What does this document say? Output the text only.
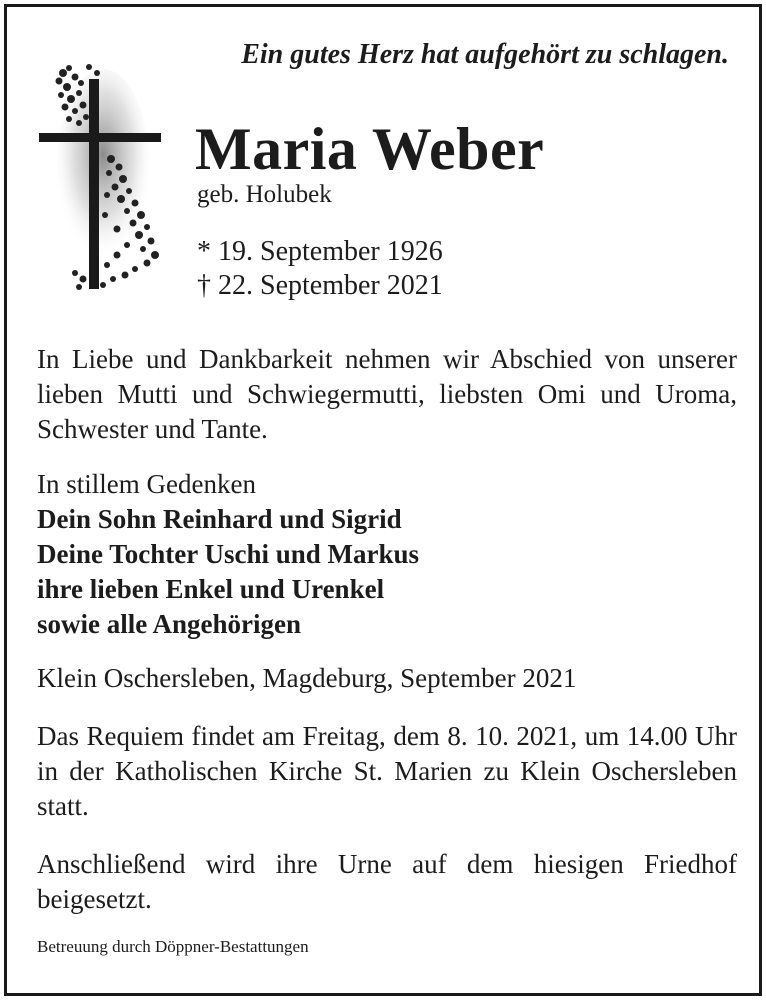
Ein gutes Herz hat aufgehört zu schlagen.
Maria Weber
geb. Holubek
* 19. September 1926
† 22. September 2021
In Liebe und Dankbarkeit nehmen wir Abschied von unserer lieben Mutti und Schwiegermutti, liebsten Omi und Uroma, Schwester und Tante.
In stillem Gedenken
Dein Sohn Reinhard und Sigrid
Deine Tochter Uschi und Markus
ihre lieben Enkel und Urenkel
sowie alle Angehörigen
Klein Oschersleben, Magdeburg, September 2021
Das Requiem findet am Freitag, dem 8. 10. 2021, um 14.00 Uhr in der Katholischen Kirche St. Marien zu Klein Oschersleben statt.
Anschließend wird ihre Urne auf dem hiesigen Friedhof beigesetzt.
Betreuung durch Döppner-Bestattungen
